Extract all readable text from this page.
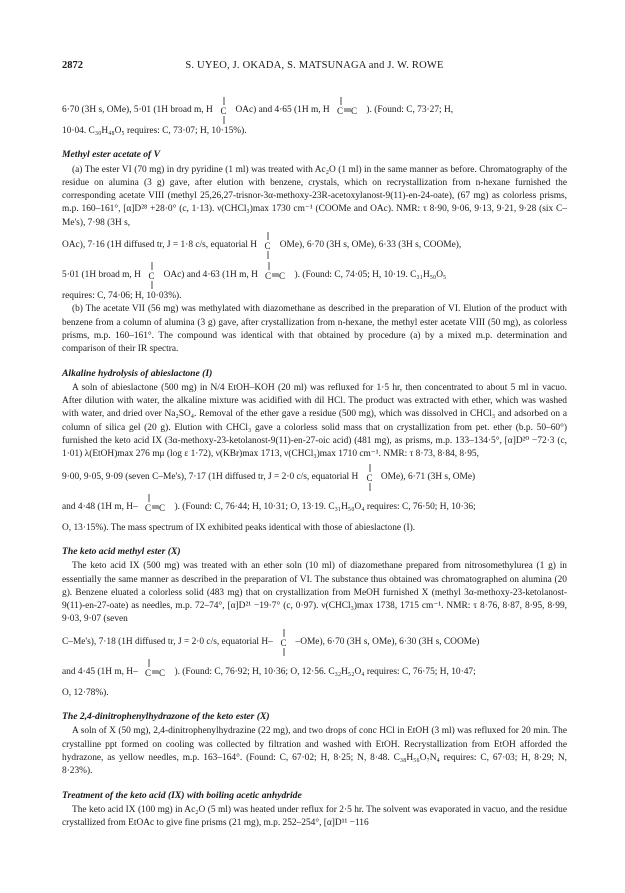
2872	S. UYEO, J. OKADA, S. MATSUNAGA and J. W. ROWE

6·70 (3H s, OMe), 5·01 (1H broad m, H C OAc) and 4·65 (1H m, H C C ). (Found: C, 73·27; H,

10·04. C₃₀H₄₈O₅ requires: C, 73·07; H, 10·15%).

Methyl ester acetate of V

(a) The ester VI (70 mg) in dry pyridine (1 ml) was treated with Ac₂O (1 ml) in the same manner as before. Chromatography of the residue on alumina (3 g) gave, after elution with benzene, crystals, which on recrystallization from n-hexane furnished the corresponding acetate VIII (methyl 25,26,27-trisnor-3α-methoxy-23R-acetoxylanost-9(11)-en-24-oate), (67 mg) as colorless prisms, m.p. 160–161°, [α]D²⁸ +28·0° (c, 1·13). ν(CHCl₃)max 1730 cm⁻¹ (COOMe and OAc). NMR: τ 8·90, 9·06, 9·13, 9·21, 9·28 (six C–Me's), 7·98 (3H s,

OAc), 7·16 (1H diffused tr, J = 1·8 c/s, equatorial H C OMe), 6·70 (3H s, OMe), 6·33 (3H s, COOMe),

5·01 (1H broad m, H C OAc) and 4·63 (1H m, H C C ). (Found: C, 74·05; H, 10·19. C₃₁H₅₀O₅

requires: C, 74·06; H, 10·03%).

(b) The acetate VII (56 mg) was methylated with diazomethane as described in the preparation of VI. Elution of the product with benzene from a column of alumina (3 g) gave, after crystallization from n-hexane, the methyl ester acetate VIII (50 mg), as colorless prisms, m.p. 160–161°. The compound was identical with that obtained by procedure (a) by a mixed m.p. determination and comparison of their IR spectra.

Alkaline hydrolysis of abieslactone (I)

A soln of abieslactone (500 mg) in N/4 EtOH–KOH (20 ml) was refluxed for 1·5 hr, then concentrated to about 5 ml in vacuo. After dilution with water, the alkaline mixture was acidified with dil HCl. The product was extracted with ether, which was washed with water, and dried over Na₂SO₄. Removal of the ether gave a residue (500 mg), which was dissolved in CHCl₃ and adsorbed on a column of silica gel (20 g). Elution with CHCl₃ gave a colorless solid mass that on crystallization from pet. ether (b.p. 50–60°) furnished the keto acid IX (3α-methoxy-23-ketolanost-9(11)-en-27-oic acid) (481 mg), as prisms, m.p. 133–134·5°, [α]D²⁰ −72·3 (c, 1·01) λ(EtOH)max 276 mμ (log ε 1·72), ν(KBr)max 1713, ν(CHCl₃)max 1710 cm⁻¹. NMR: τ 8·73, 8·84, 8·95,

9·00, 9·05, 9·09 (seven C–Me's), 7·17 (1H diffused tr, J = 2·0 c/s, equatorial H C OMe), 6·71 (3H s, OMe)

and 4·48 (1H m, H– C C ). (Found: C, 76·44; H, 10·31; O, 13·19. C₃₁H₅₀O₄ requires: C, 76·50; H, 10·36;

O, 13·15%). The mass spectrum of IX exhibited peaks identical with those of abieslactone (I).

The keto acid methyl ester (X)

The keto acid IX (500 mg) was treated with an ether soln (10 ml) of diazomethane prepared from nitrosomethylurea (1 g) in essentially the same manner as described in the preparation of VI. The substance thus obtained was chromatographed on alumina (20 g). Benzene eluated a colorless solid (483 mg) that on crystallization from MeOH furnished X (methyl 3α-methoxy-23-ketolanost-9(11)-en-27-oate) as needles, m.p. 72–74°, [α]D²¹ −19·7° (c, 0·97). ν(CHCl₃)max 1738, 1715 cm⁻¹. NMR: τ 8·76, 8·87, 8·95, 8·99, 9·03, 9·07 (seven

C–Me's), 7·18 (1H diffused tr, J = 2·0 c/s, equatorial H– C –OMe), 6·70 (3H s, OMe), 6·30 (3H s, COOMe)

and 4·45 (1H m, H– C C ). (Found: C, 76·92; H, 10·36; O, 12·56. C₃₂H₅₂O₄ requires: C, 76·75; H, 10·47;

O, 12·78%).

The 2,4-dinitrophenylhydrazone of the keto ester (X)

A soln of X (50 mg), 2,4-dinitrophenylhydrazine (22 mg), and two drops of conc HCl in EtOH (3 ml) was refluxed for 20 min. The crystalline ppt formed on cooling was collected by filtration and washed with EtOH. Recrystallization from EtOH afforded the hydrazone, as yellow needles, m.p. 163–164°. (Found: C, 67·02; H, 8·25; N, 8·48. C₃₈H₅₆O₇N₄ requires: C, 67·03; H, 8·29; N, 8·23%).

Treatment of the keto acid (IX) with boiling acetic anhydride

The keto acid IX (100 mg) in Ac₂O (5 ml) was heated under reflux for 2·5 hr. The solvent was evaporated in vacuo, and the residue crystallized from EtOAc to give fine prisms (21 mg), m.p. 252–254°, [α]D¹¹ −116
